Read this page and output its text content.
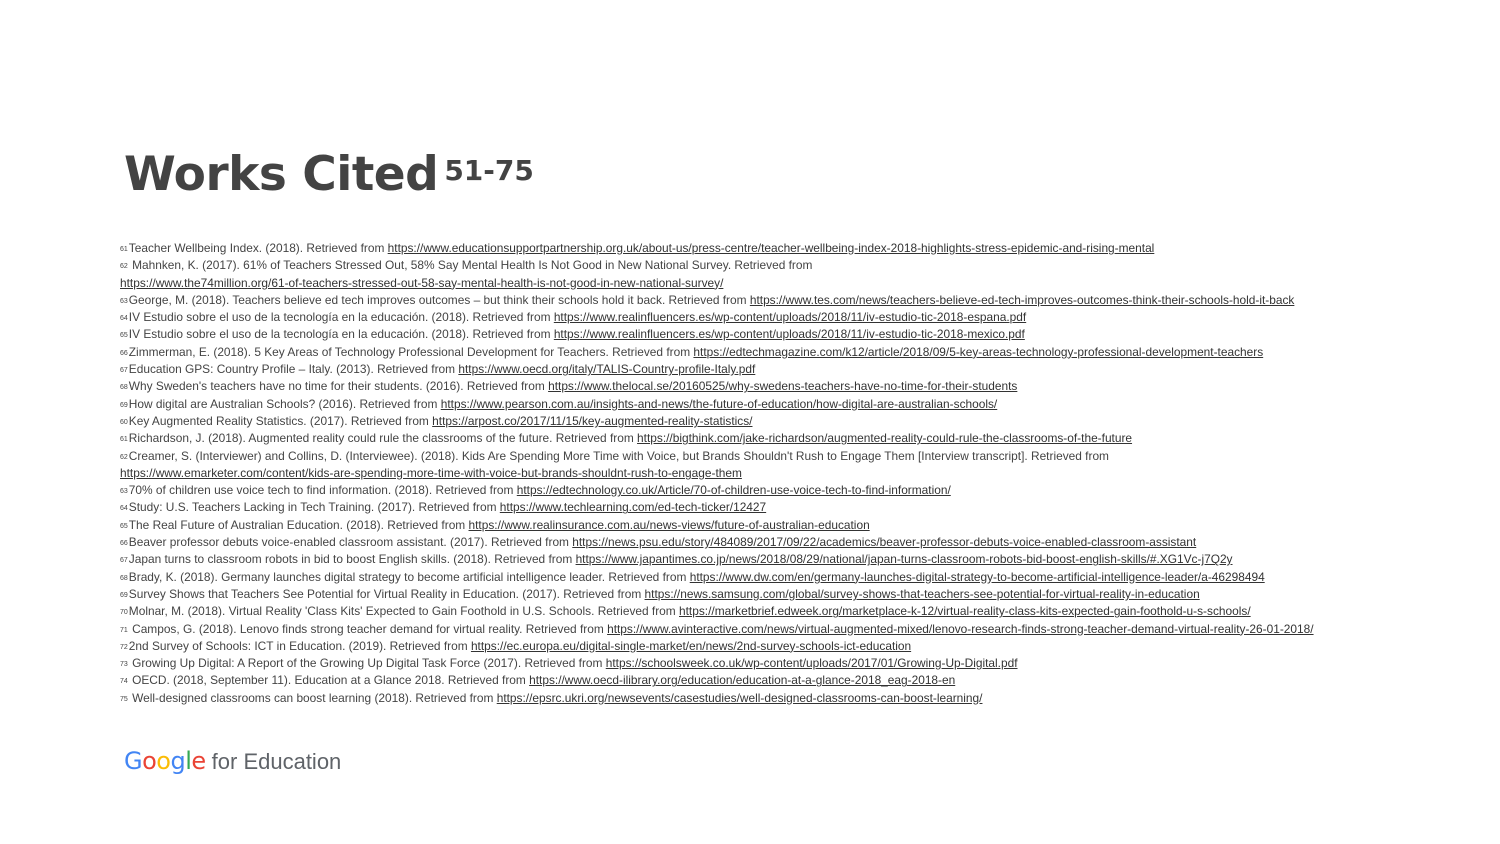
Works Cited $^{51-75}$
$^{61}$Teacher Wellbeing Index. (2018). Retrieved from https://www.educationsupportpartnership.org.uk/about-us/press-centre/teacher-wellbeing-index-2018-highlights-stress-epidemic-and-rising-mental
$^{62}$ Mahnken, K. (2017). 61% of Teachers Stressed Out, 58% Say Mental Health Is Not Good in New National Survey. Retrieved from
https://www.the74million.org/61-of-teachers-stressed-out-58-say-mental-health-is-not-good-in-new-national-survey/
$^{63}$George, M. (2018). Teachers believe ed tech improves outcomes – but think their schools hold it back. Retrieved from https://www.tes.com/news/teachers-believe-ed-tech-improves-outcomes-think-their-schools-hold-it-back
$^{64}$IV Estudio sobre el uso de la tecnología en la educación. (2018). Retrieved from https://www.realinfluencers.es/wp-content/uploads/2018/11/iv-estudio-tic-2018-espana.pdf
$^{65}$IV Estudio sobre el uso de la tecnología en la educación. (2018). Retrieved from https://www.realinfluencers.es/wp-content/uploads/2018/11/iv-estudio-tic-2018-mexico.pdf
$^{66}$Zimmerman, E. (2018). 5 Key Areas of Technology Professional Development for Teachers. Retrieved from https://edtechmagazine.com/k12/article/2018/09/5-key-areas-technology-professional-development-teachers
$^{67}$Education GPS: Country Profile – Italy. (2013). Retrieved from https://www.oecd.org/italy/TALIS-Country-profile-Italy.pdf
$^{68}$Why Sweden's teachers have no time for their students. (2016). Retrieved from https://www.thelocal.se/20160525/why-swedens-teachers-have-no-time-for-their-students
$^{69}$How digital are Australian Schools? (2016). Retrieved from https://www.pearson.com.au/insights-and-news/the-future-of-education/how-digital-are-australian-schools/
$^{60}$Key Augmented Reality Statistics. (2017). Retrieved from https://arpost.co/2017/11/15/key-augmented-reality-statistics/
$^{61}$Richardson, J. (2018). Augmented reality could rule the classrooms of the future. Retrieved from https://bigthink.com/jake-richardson/augmented-reality-could-rule-the-classrooms-of-the-future
$^{62}$Creamer, S. (Interviewer) and Collins, D. (Interviewee). (2018). Kids Are Spending More Time with Voice, but Brands Shouldn't Rush to Engage Them [Interview transcript]. Retrieved from
https://www.emarketer.com/content/kids-are-spending-more-time-with-voice-but-brands-shouldnt-rush-to-engage-them
$^{63}$70% of children use voice tech to find information. (2018). Retrieved from https://edtechnology.co.uk/Article/70-of-children-use-voice-tech-to-find-information/
$^{64}$Study: U.S. Teachers Lacking in Tech Training. (2017). Retrieved from https://www.techlearning.com/ed-tech-ticker/12427
$^{65}$The Real Future of Australian Education. (2018). Retrieved from https://www.realinsurance.com.au/news-views/future-of-australian-education
$^{66}$Beaver professor debuts voice-enabled classroom assistant. (2017). Retrieved from https://news.psu.edu/story/484089/2017/09/22/academics/beaver-professor-debuts-voice-enabled-classroom-assistant
$^{67}$Japan turns to classroom robots in bid to boost English skills. (2018). Retrieved from https://www.japantimes.co.jp/news/2018/08/29/national/japan-turns-classroom-robots-bid-boost-english-skills/#.XG1Vc-j7Q2y
$^{68}$Brady, K. (2018). Germany launches digital strategy to become artificial intelligence leader. Retrieved from https://www.dw.com/en/germany-launches-digital-strategy-to-become-artificial-intelligence-leader/a-46298494
$^{69}$Survey Shows that Teachers See Potential for Virtual Reality in Education. (2017). Retrieved from https://news.samsung.com/global/survey-shows-that-teachers-see-potential-for-virtual-reality-in-education
$^{70}$Molnar, M. (2018). Virtual Reality 'Class Kits' Expected to Gain Foothold in U.S. Schools. Retrieved from https://marketbrief.edweek.org/marketplace-k-12/virtual-reality-class-kits-expected-gain-foothold-u-s-schools/
$^{71}$ Campos, G. (2018). Lenovo finds strong teacher demand for virtual reality. Retrieved from https://www.avinteractive.com/news/virtual-augmented-mixed/lenovo-research-finds-strong-teacher-demand-virtual-reality-26-01-2018/
$^{72}$2nd Survey of Schools: ICT in Education. (2019). Retrieved from https://ec.europa.eu/digital-single-market/en/news/2nd-survey-schools-ict-education
$^{73}$ Growing Up Digital: A Report of the Growing Up Digital Task Force (2017). Retrieved from https://schoolsweek.co.uk/wp-content/uploads/2017/01/Growing-Up-Digital.pdf
$^{74}$ OECD. (2018, September 11). Education at a Glance 2018. Retrieved from https://www.oecd-ilibrary.org/education/education-at-a-glance-2018_eag-2018-en
$^{75}$ Well-designed classrooms can boost learning (2018). Retrieved from https://epsrc.ukri.org/newsevents/casestudies/well-designed-classrooms-can-boost-learning/
Google for Education
